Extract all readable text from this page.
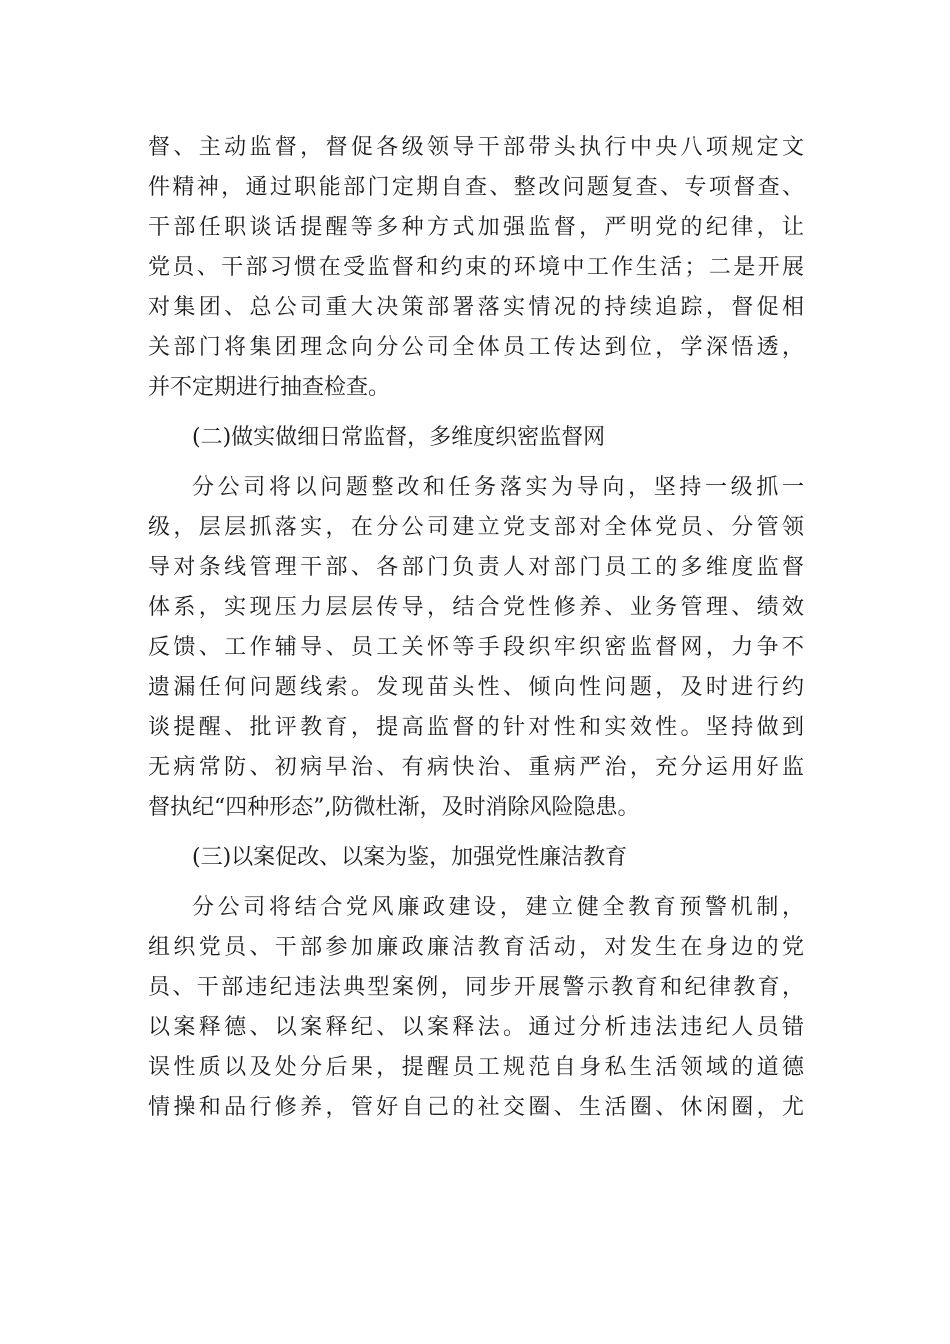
督、主动监督，督促各级领导干部带头执行中央八项规定文
件精神，通过职能部门定期自查、整改问题复查、专项督查、
干部任职谈话提醒等多种方式加强监督，严明党的纪律，让
党员、干部习惯在受监督和约束的环境中工作生活；二是开展
对集团、总公司重大决策部署落实情况的持续追踪，督促相
关部门将集团理念向分公司全体员工传达到位，学深悟透，
并不定期进行抽查检查。
(二)做实做细日常监督，多维度织密监督网
分公司将以问题整改和任务落实为导向，坚持一级抓一
级，层层抓落实，在分公司建立党支部对全体党员、分管领
导对条线管理干部、各部门负责人对部门员工的多维度监督
体系，实现压力层层传导，结合党性修养、业务管理、绩效
反馈、工作辅导、员工关怀等手段织牢织密监督网，力争不
遗漏任何问题线索。发现苗头性、倾向性问题，及时进行约
谈提醒、批评教育，提高监督的针对性和实效性。坚持做到
无病常防、初病早治、有病快治、重病严治，充分运用好监
督执纪“四种形态”,防微杜渐，及时消除风险隐患。
(三)以案促改、以案为鉴，加强党性廉洁教育
分公司将结合党风廉政建设，建立健全教育预警机制，
组织党员、干部参加廉政廉洁教育活动，对发生在身边的党
员、干部违纪违法典型案例，同步开展警示教育和纪律教育，
以案释德、以案释纪、以案释法。通过分析违法违纪人员错
误性质以及处分后果，提醒员工规范自身私生活领域的道德
情操和品行修养，管好自己的社交圈、生活圈、休闲圈，尤
